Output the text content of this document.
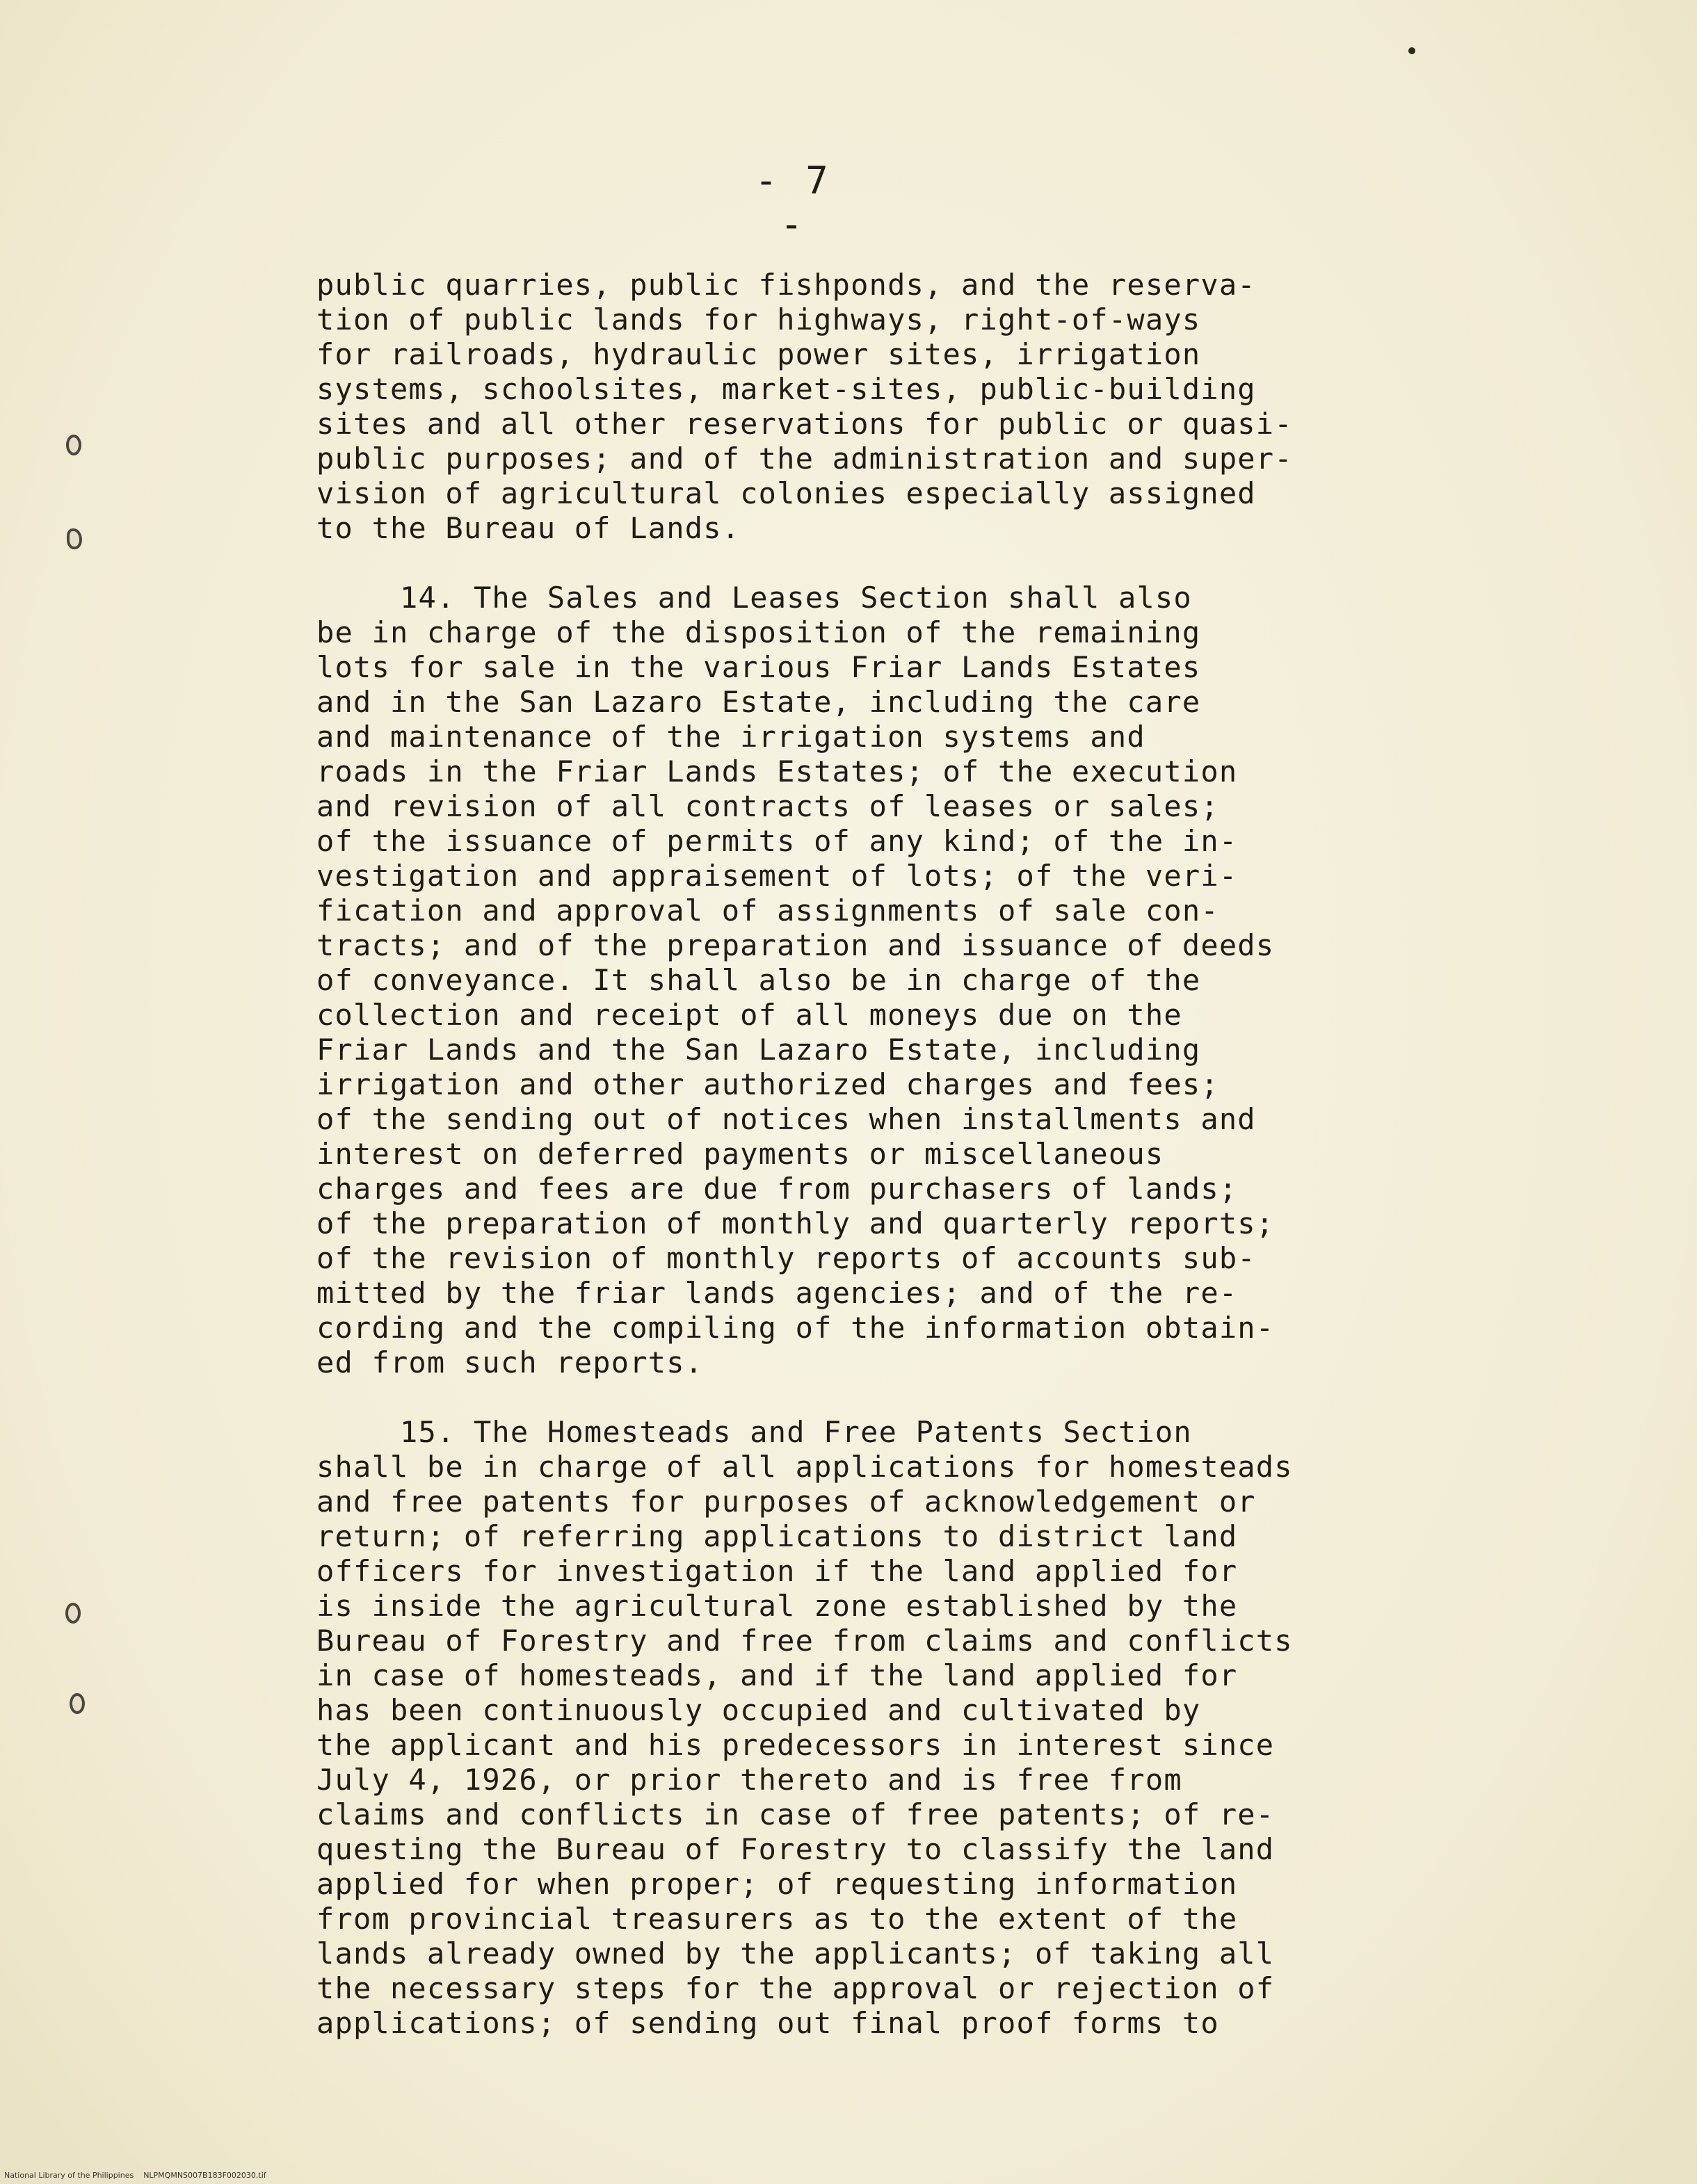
- 7 -
public quarries, public fishponds, and the reserva-
tion of public lands for highways, right-of-ways
for railroads, hydraulic power sites, irrigation
systems, schoolsites, market-sites, public-building
sites and all other reservations for public or quasi-
public purposes; and of the administration and super-
vision of agricultural colonies especially assigned
to the Bureau of Lands.
14. The Sales and Leases Section shall also
be in charge of the disposition of the remaining
lots for sale in the various Friar Lands Estates
and in the San Lazaro Estate, including the care
and maintenance of the irrigation systems and
roads in the Friar Lands Estates; of the execution
and revision of all contracts of leases or sales;
of the issuance of permits of any kind; of the in-
vestigation and appraisement of lots; of the veri-
fication and approval of assignments of sale con-
tracts; and of the preparation and issuance of deeds
of conveyance. It shall also be in charge of the
collection and receipt of all moneys due on the
Friar Lands and the San Lazaro Estate, including
irrigation and other authorized charges and fees;
of the sending out of notices when installments and
interest on deferred payments or miscellaneous
charges and fees are due from purchasers of lands;
of the preparation of monthly and quarterly reports;
of the revision of monthly reports of accounts sub-
mitted by the friar lands agencies; and of the re-
cording and the compiling of the information obtain-
ed from such reports.
15. The Homesteads and Free Patents Section
shall be in charge of all applications for homesteads
and free patents for purposes of acknowledgement or
return; of referring applications to district land
officers for investigation if the land applied for
is inside the agricultural zone established by the
Bureau of Forestry and free from claims and conflicts
in case of homesteads, and if the land applied for
has been continuously occupied and cultivated by
the applicant and his predecessors in interest since
July 4, 1926, or prior thereto and is free from
claims and conflicts in case of free patents; of re-
questing the Bureau of Forestry to classify the land
applied for when proper; of requesting information
from provincial treasurers as to the extent of the
lands already owned by the applicants; of taking all
the necessary steps for the approval or rejection of
applications; of sending out final proof forms to
National Library of the Philippines    NLPMQMNS007B183F002030.tif
